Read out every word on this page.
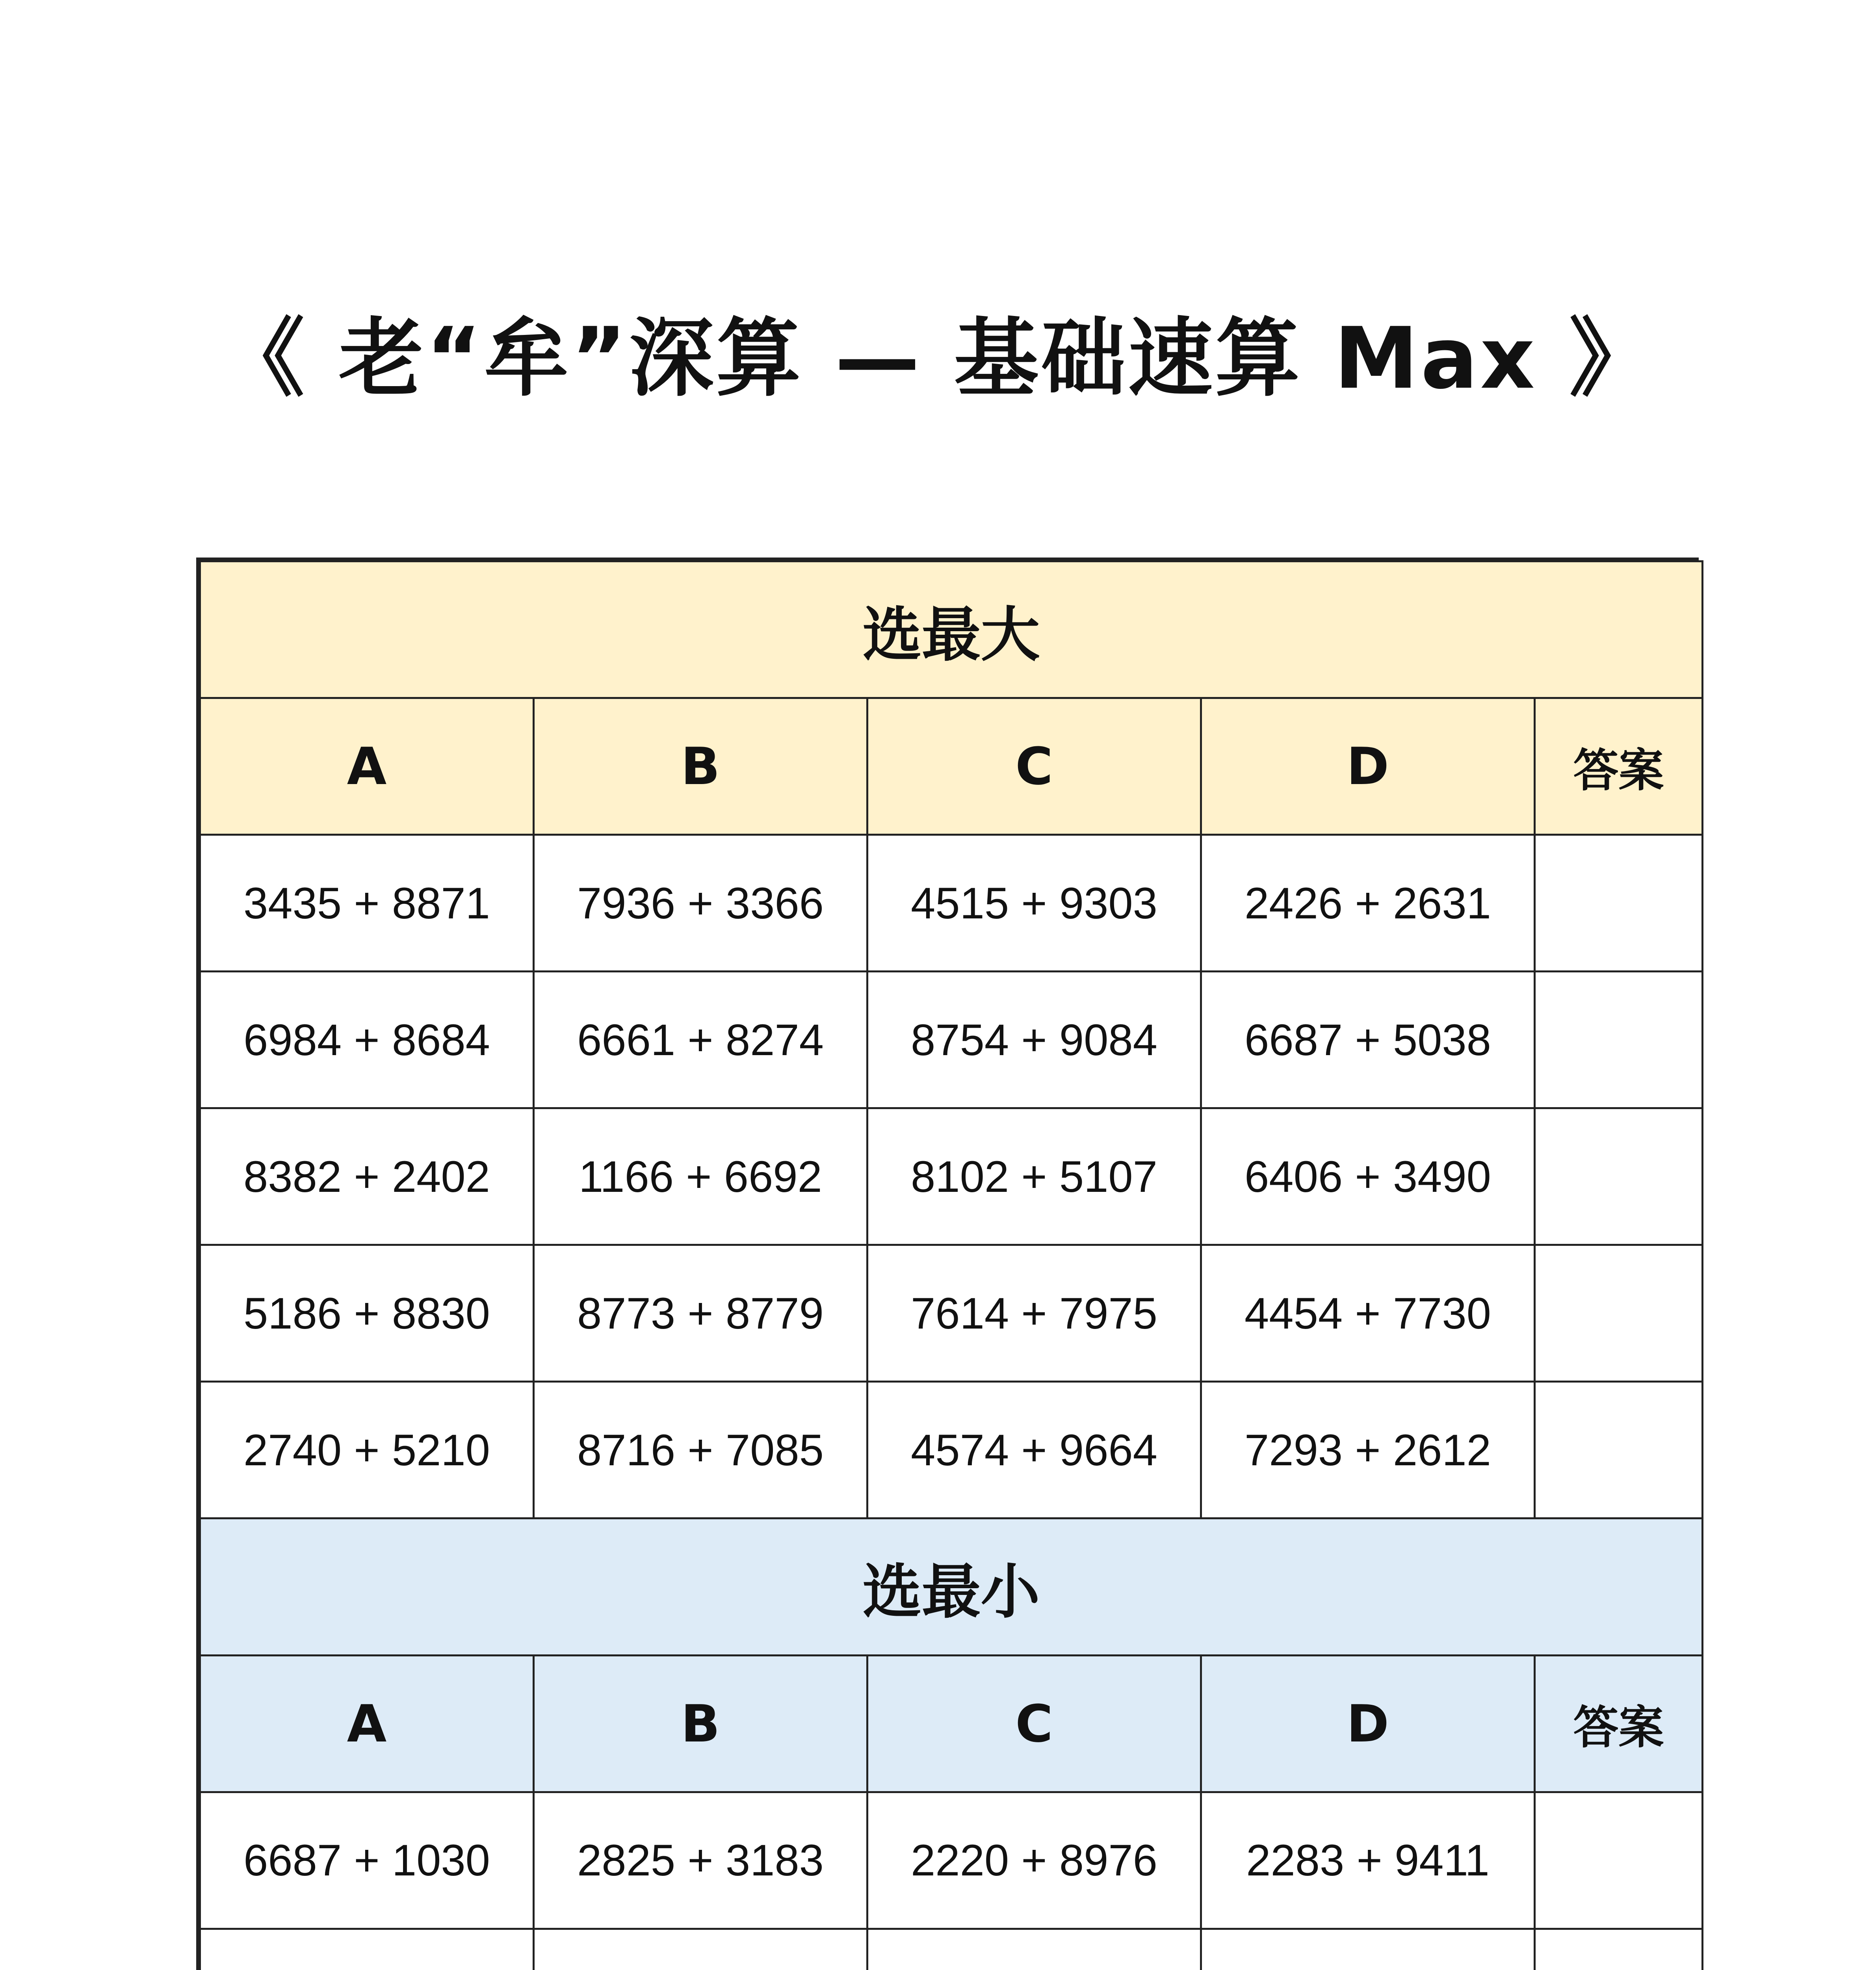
《 老“牟”深算 — 基础速算 Max 》
选最大				
A	B	C	D	答案
3435 + 8871	7936 + 3366	4515 + 9303	2426 + 2631	
6984 + 8684	6661 + 8274	8754 + 9084	6687 + 5038	
8382 + 2402	1166 + 6692	8102 + 5107	6406 + 3490	
5186 + 8830	8773 + 8779	7614 + 7975	4454 + 7730	
2740 + 5210	8716 + 7085	4574 + 9664	7293 + 2612	
选最小				
A	B	C	D	答案
6687 + 1030	2825 + 3183	2220 + 8976	2283 + 9411	
